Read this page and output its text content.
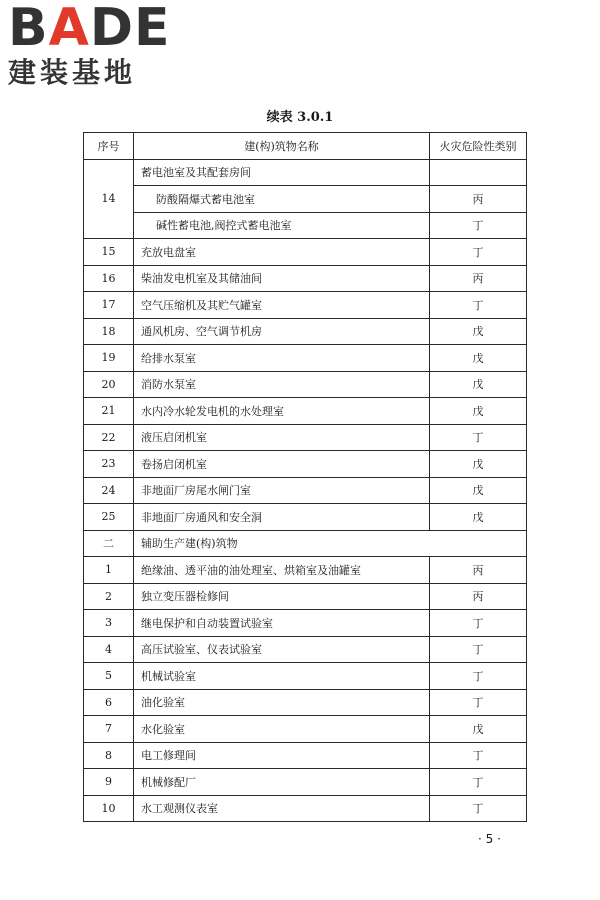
BADE
建装基地
续表 3.0.1
序号	建(构)筑物名称	火灾危险性类别
14	蓄电池室及其配套房间	
	防酸隔爆式蓄电池室	丙
	碱性蓄电池,阀控式蓄电池室	丁
15	充放电盘室	丁
16	柴油发电机室及其储油间	丙
17	空气压缩机及其贮气罐室	丁
18	通风机房、空气调节机房	戊
19	给排水泵室	戊
20	消防水泵室	戊
21	水内冷水轮发电机的水处理室	戊
22	液压启闭机室	丁
23	卷扬启闭机室	戊
24	非地面厂房尾水闸门室	戊
25	非地面厂房通风和安全洞	戊
二	辅助生产建(构)筑物	
1	绝缘油、透平油的油处理室、烘箱室及油罐室	丙
2	独立变压器检修间	丙
3	继电保护和自动装置试验室	丁
4	高压试验室、仪表试验室	丁
5	机械试验室	丁
6	油化验室	丁
7	水化验室	戊
8	电工修理间	丁
9	机械修配厂	丁
10	水工观测仪表室	丁
· 5 ·
